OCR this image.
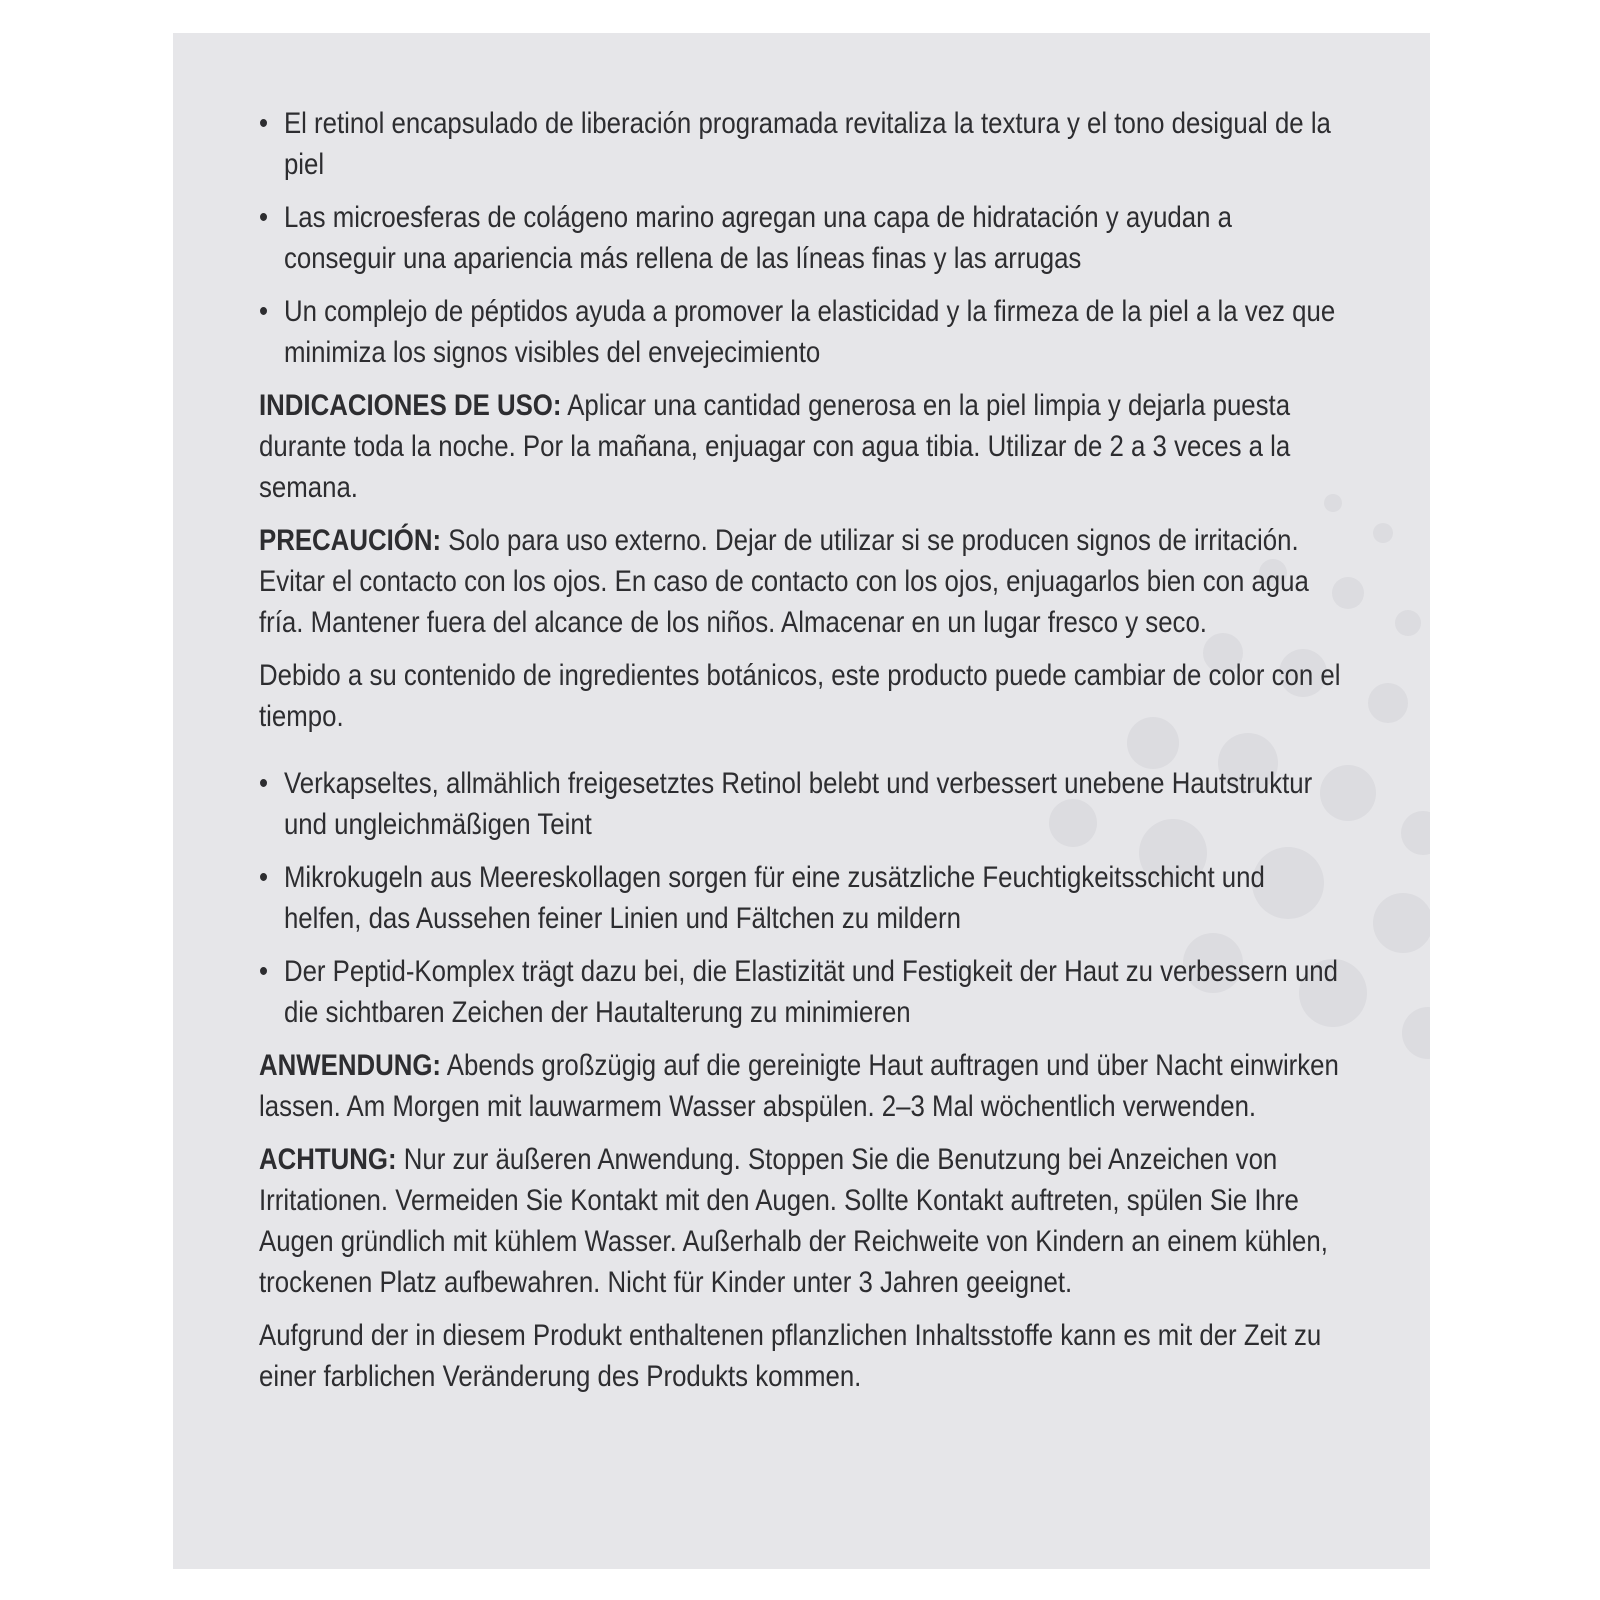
• El retinol encapsulado de liberación programada revitaliza la textura y el tono desigual de la piel
• Las microesferas de colágeno marino agregan una capa de hidratación y ayudan a conseguir una apariencia más rellena de las líneas finas y las arrugas
• Un complejo de péptidos ayuda a promover la elasticidad y la firmeza de la piel a la vez que minimiza los signos visibles del envejecimiento
INDICACIONES DE USO: Aplicar una cantidad generosa en la piel limpia y dejarla puesta durante toda la noche. Por la mañana, enjuagar con agua tibia. Utilizar de 2 a 3 veces a la semana.
PRECAUCIÓN: Solo para uso externo. Dejar de utilizar si se producen signos de irritación. Evitar el contacto con los ojos. En caso de contacto con los ojos, enjuagarlos bien con agua fría. Mantener fuera del alcance de los niños. Almacenar en un lugar fresco y seco.
Debido a su contenido de ingredientes botánicos, este producto puede cambiar de color con el tiempo.
• Verkapseltes, allmählich freigesetztes Retinol belebt und verbessert unebene Hautstruktur und ungleichmäßigen Teint
• Mikrokugeln aus Meereskollagen sorgen für eine zusätzliche Feuchtigkeitsschicht und helfen, das Aussehen feiner Linien und Fältchen zu mildern
• Der Peptid-Komplex trägt dazu bei, die Elastizität und Festigkeit der Haut zu verbessern und die sichtbaren Zeichen der Hautalterung zu minimieren
ANWENDUNG: Abends großzügig auf die gereinigte Haut auftragen und über Nacht einwirken lassen. Am Morgen mit lauwarmem Wasser abspülen. 2–3 Mal wöchentlich verwenden.
ACHTUNG: Nur zur äußeren Anwendung. Stoppen Sie die Benutzung bei Anzeichen von Irritationen. Vermeiden Sie Kontakt mit den Augen. Sollte Kontakt auftreten, spülen Sie Ihre Augen gründlich mit kühlem Wasser. Außerhalb der Reichweite von Kindern an einem kühlen, trockenen Platz aufbewahren. Nicht für Kinder unter 3 Jahren geeignet.
Aufgrund der in diesem Produkt enthaltenen pflanzlichen Inhaltsstoffe kann es mit der Zeit zu einer farblichen Veränderung des Produkts kommen.
